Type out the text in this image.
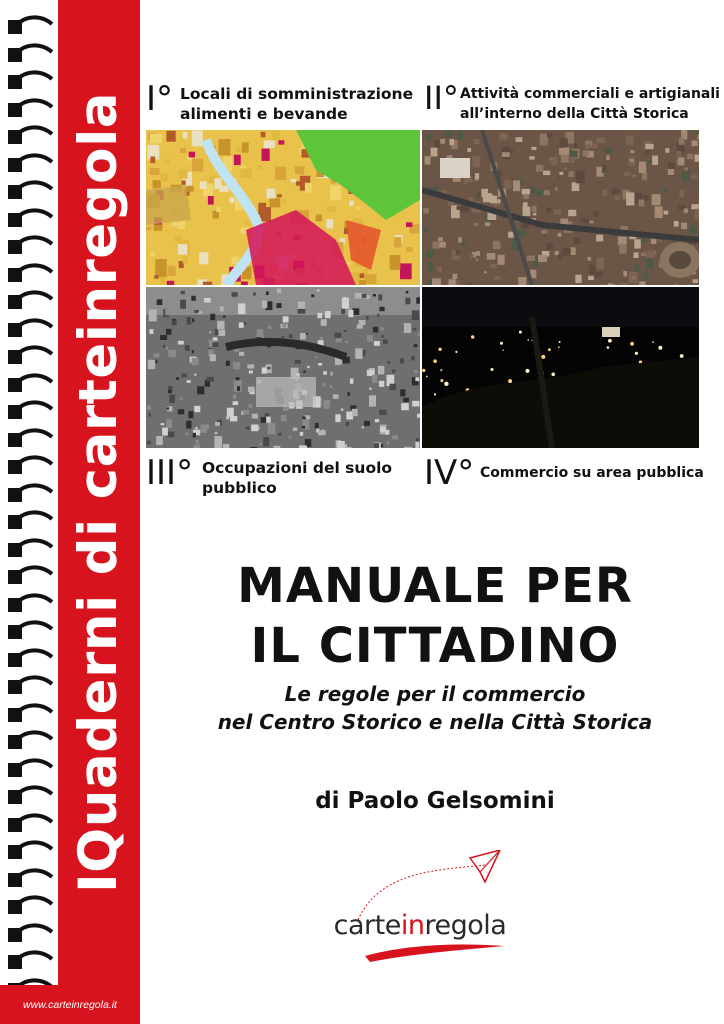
IQuaderni di carteinregola
www.carteinregola.it
I° Locali di somministrazione
alimenti e bevande	II° Attività commerciali e artigianali
all’interno della Città Storica
III° Occupazioni del suolo
pubblico	IV° Commercio su area pubblica
MANUALE PER
IL CITTADINO
Le regole per il commercio
nel Centro Storico e nella Città Storica
di Paolo Gelsomini
carteinregola
